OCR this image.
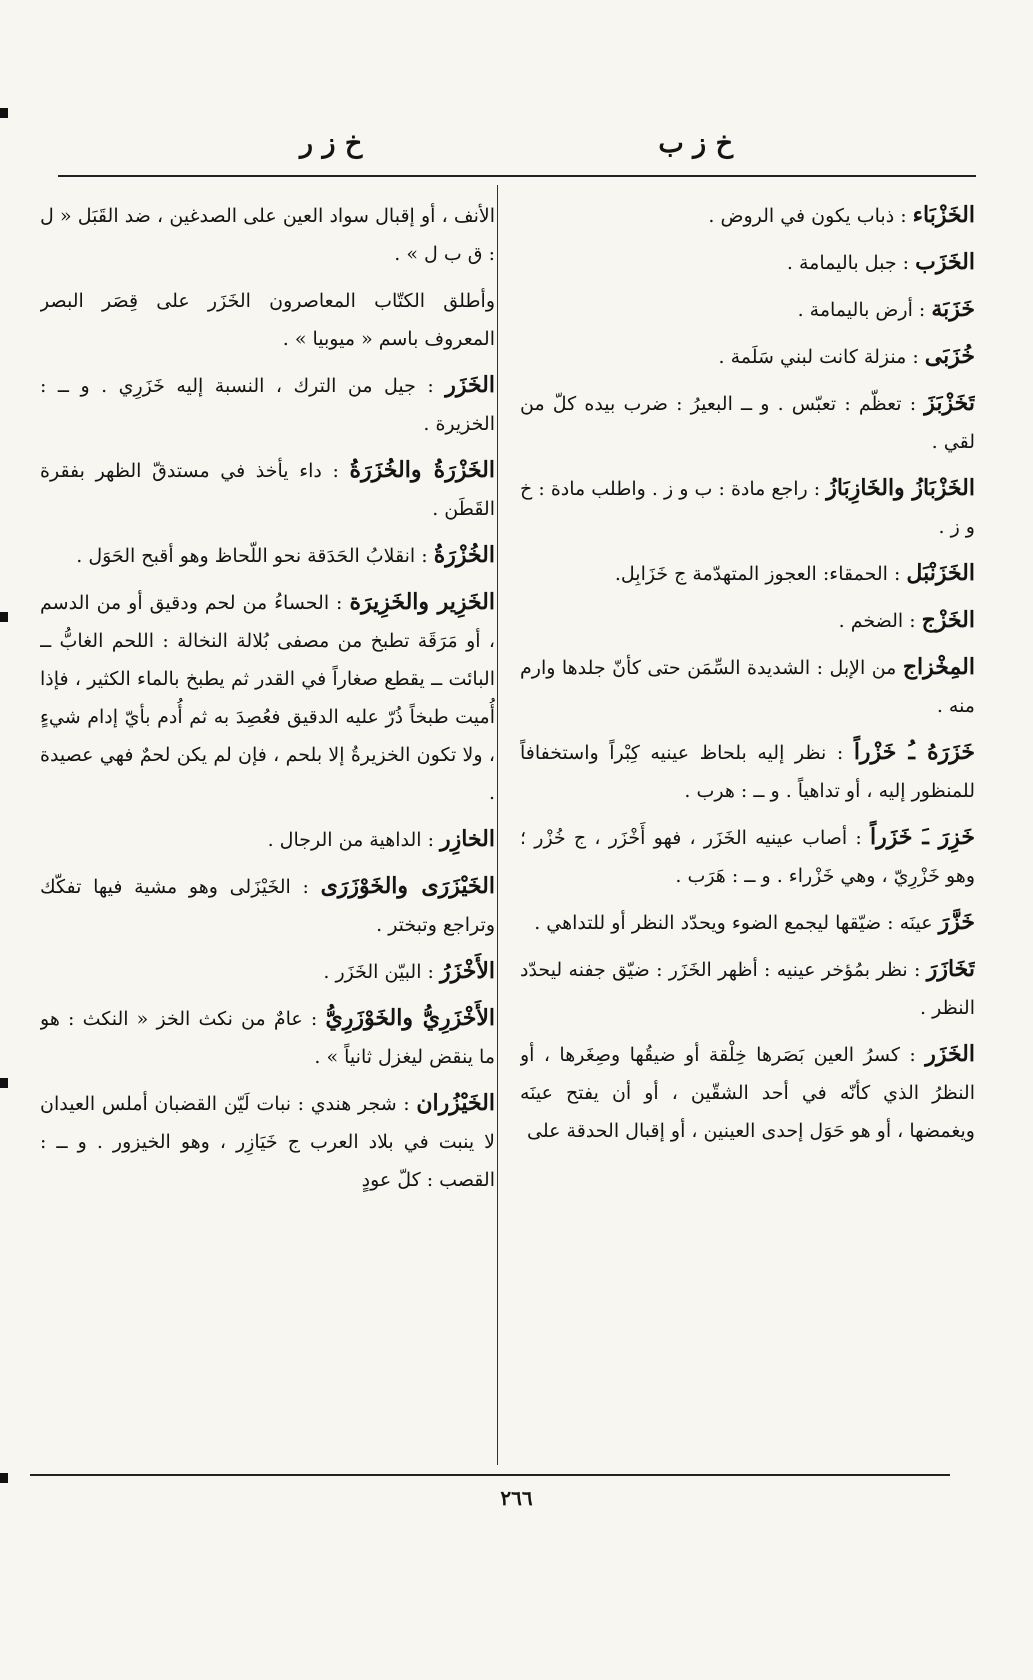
خ ز ب
خ ز ر

الخَزْبَاء : ذباب يكون في الروض .

الخَزَب : جبل باليمامة .

خَزَبَة : أرض باليمامة .

خُزَبَى : منزلة كانت لبني سَلَمة .

تَخَزْبَزَ : تعظّم : تعبّس . و ــ البعيرُ : ضرب بيده كلّ من لقي .

الخَزْبَازُ والخَازِبَازُ : راجع مادة : ب و ز . واطلب مادة : خ و ز .

الخَزَنْبَل : الحمقاء: العجوز المتهدّمة ج خَزَابِل.

الخَزْج : الضخم .

المِخْزاج من الإبل : الشديدة السِّمَن حتى كأنّ جلدها وارم منه .

خَزَرَهُ ـُ خَزْراً : نظر إليه بلحاظ عينيه كِبْراً واستخفافاً للمنظور إليه ، أو تداهياً . و ــ : هرب .

خَزِرَ ـَ خَزَراً : أصاب عينيه الخَزَر ، فهو أَخْزَر ، ج خُزْر ؛ وهو خَزْرِيّ ، وهي خَزْراء . و ــ : هَرَب .

خَزَّرَ عينَه : ضيّقها ليجمع الضوء ويحدّد النظر أو للتداهي .

تَخَازَرَ : نظر بمُؤخر عينيه : أظهر الخَزَر : ضيّق جفنه ليحدّد النظر .

الخَزَر : كسرُ العين بَصَرها خِلْقة أو ضيقُها وصِغَرها ، أو النظرُ الذي كأنّه في أحد الشقّين ، أو أن يفتح عينَه ويغمضها ، أو هو حَوَل إحدى العينين ، أو إقبال الحدقة على

الأنف ، أو إقبال سواد العين على الصدغين ، ضد القَبَل « ل : ق ب ل » .

وأطلق الكتّاب المعاصرون الخَزَر على قِصَر البصر المعروف باسم « ميوبيا » .

الخَزَر : جيل من الترك ، النسبة إليه خَزَرِي . و ــ : الخزيرة .

الخَزْرَةُ والخُزَرَةُ : داء يأخذ في مستدقّ الظهر بفقرة القَطَن .

الخُزْرَةُ : انقلابُ الحَدَقة نحو اللّحاظ وهو أقبح الحَوَل .

الخَزِير والخَزِيرَة : الحساءُ من لحم ودقيق أو من الدسم ، أو مَرَقَة تطبخ من مصفى بُلالة النخالة : اللحم الغابُّ ــ البائت ــ يقطع صغاراً في القدر ثم يطبخ بالماء الكثير ، فإذا أُميت طبخاً ذُرّ عليه الدقيق فعُصِدَ به ثم أُدم بأيّ إدام شيءٍ ، ولا تكون الخزيرةُ إلا بلحم ، فإن لم يكن لحمٌ فهي عصيدة .

الخازِر : الداهية من الرجال .

الخَيْزَرَى والخَوْزَرَى : الخَيْزَلى وهو مشية فيها تفكّك وتراجع وتبختر .

الأَخْزَرُ : البيّن الخَزَر .

الأَخْزَرِيُّ والخَوْزَرِيُّ : عامٌ من نكث الخز « النكث : هو ما ينقض ليغزل ثانياً » .

الخَيْزُران : شجر هندي : نبات لَيّن القضبان أملس العيدان لا ينبت في بلاد العرب ج خَيَازِر ، وهو الخيزور . و ــ : القصب : كلّ عودٍ

٢٦٦
